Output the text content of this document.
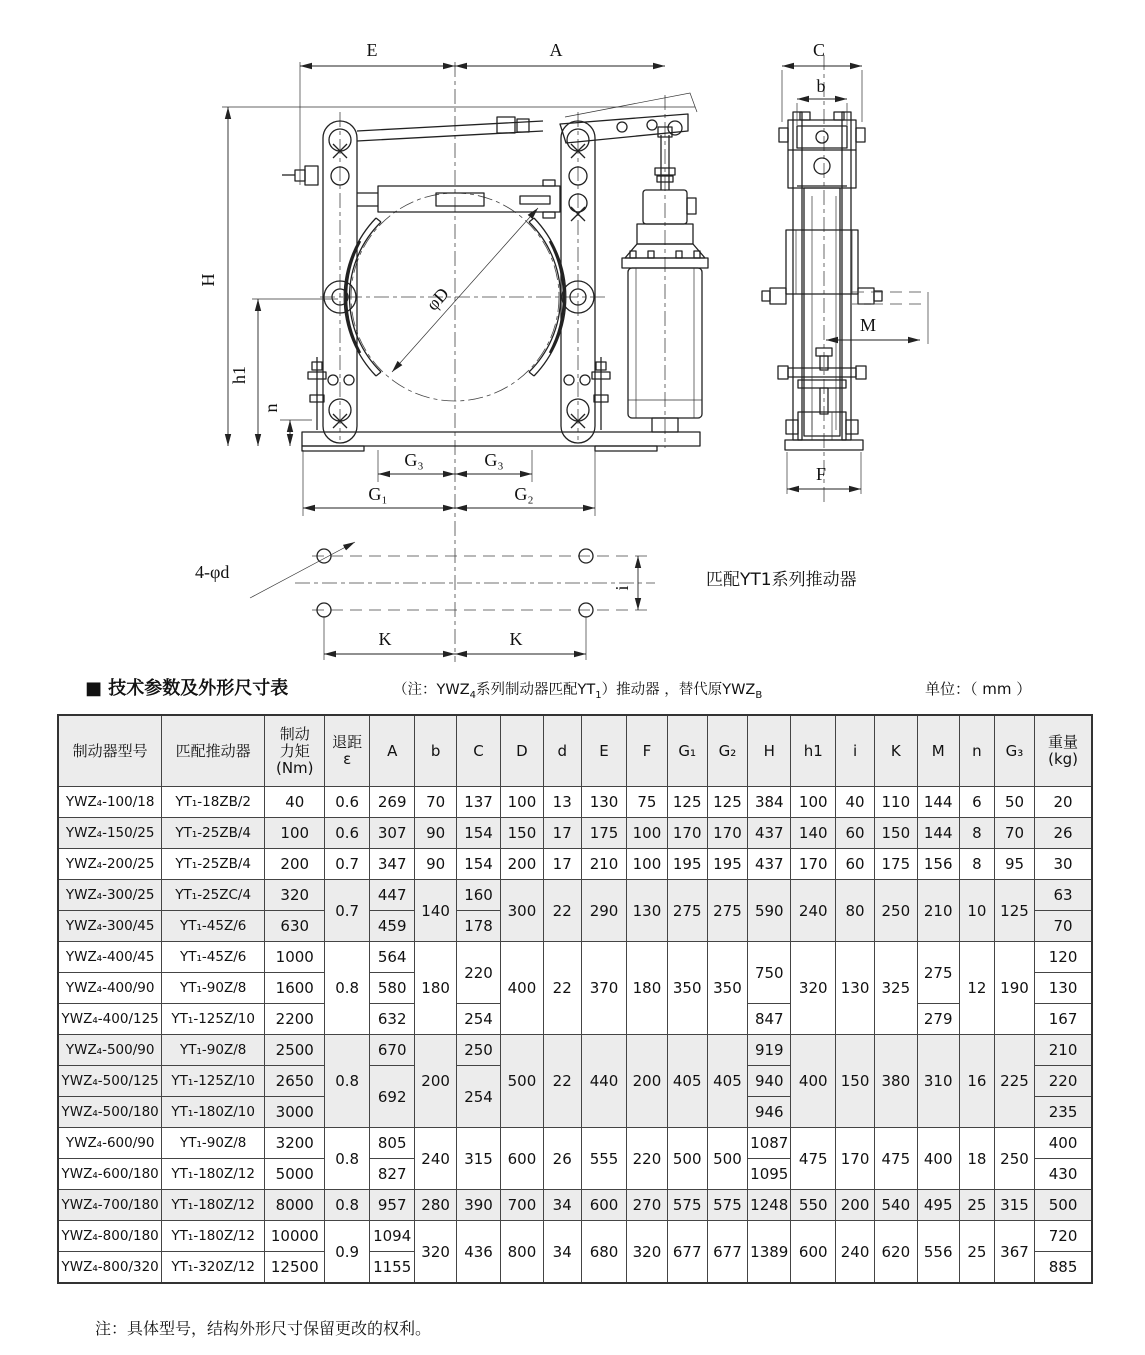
E	A
H
h1
n
φD
G₃	G₃
G₁	G₂
C
b
M
F
4-φd
i
K	K
匹配YT1系列推动器
■ 技术参数及外形尺寸表	（注：$YWZ_4$系列制动器匹配$YT_1$）推动器 ，替代原$YWZ_B$	单位：（ mm ）
制动器型号	匹配推动器

制动
力矩
(Nm)

退距
ε	A	b	C	D	d	E	F	G₁	G₂	H	h1	i	K	M	n	G₃	重量
(kg)

YWZ₄-100/18	YT₁-18ZB/2	40	0.6	269	70	137	100	13	130	75	125	125	384	100	40	110	144	6	50	20
YWZ₄-150/25	YT₁-25ZB/4	100	0.6	307	90	154	150	17	175	100	170	170	437	140	60	150	144	8	70	26
YWZ₄-200/25	YT₁-25ZB/4	200	0.7	347	90	154	200	17	210	100	195	195	437	170	60	175	156	8	95	30
YWZ₄-300/25	YT₁-25ZC/4	320	0.7	447	140	160	300	22	290	130	275	275	590	240	80	250	210	10	125	63
YWZ₄-300/45	YT₁-45Z/6	630		459		178														70
YWZ₄-400/45	YT₁-45Z/6	1000	0.8	564	180	220	400	22	370	180	350	350	750	320	130	325	275	12	190	120
YWZ₄-400/90	YT₁-90Z/8	1600		580																130
YWZ₄-400/125	YT₁-125Z/10	2200		632		254							847				279			167
YWZ₄-500/90	YT₁-90Z/8	2500	0.8	670	200	250	500	22	440	200	405	405	919	400	150	380	310	16	225	210
YWZ₄-500/125	YT₁-125Z/10	2650		692		254							940							220
YWZ₄-500/180	YT₁-180Z/10	3000											946							235
YWZ₄-600/90	YT₁-90Z/8	3200	0.8	805	240	315	600	26	555	220	500	500	1087	475	170	475	400	18	250	400
YWZ₄-600/180	YT₁-180Z/12	5000		827									1095							430
YWZ₄-700/180	YT₁-180Z/12	8000	0.8	957	280	390	700	34	600	270	575	575	1248	550	200	540	495	25	315	500
YWZ₄-800/180	YT₁-180Z/12	10000	0.9	1094	320	436	800	34	680	320	677	677	1389	600	240	620	556	25	367	720
YWZ₄-800/320	YT₁-320Z/12	12500		1155																885
注：具体型号，结构外形尺寸保留更改的权利。
